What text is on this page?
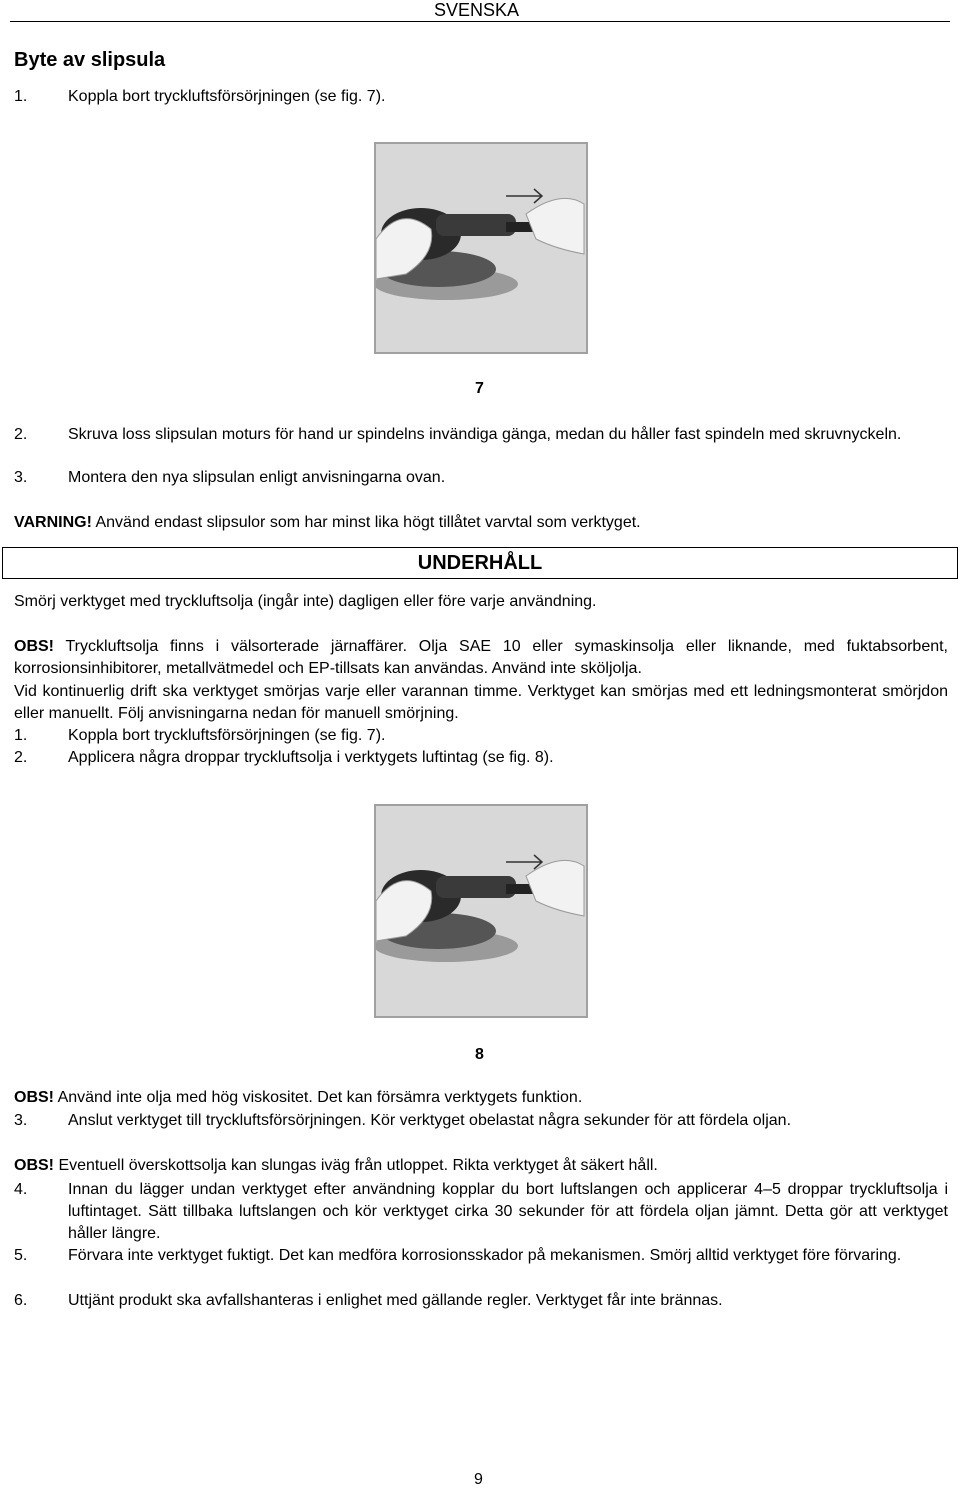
SVENSKA
Byte av slipsula
1.	Koppla bort tryckluftsförsörjningen (se fig. 7).
7
2.	Skruva loss slipsulan moturs för hand ur spindelns invändiga gänga, medan du håller fast spindeln med skruvnyckeln.
3.	Montera den nya slipsulan enligt anvisningarna ovan.
VARNING! Använd endast slipsulor som har minst lika högt tillåtet varvtal som verktyget.
UNDERHÅLL
Smörj verktyget med tryckluftsolja (ingår inte) dagligen eller före varje användning.
OBS! Tryckluftsolja finns i välsorterade järnaffärer. Olja SAE 10 eller symaskinsolja eller liknande, med fuktabsorbent, korrosionsinhibitorer, metallvätmedel och EP-tillsats kan användas. Använd inte sköljolja.
Vid kontinuerlig drift ska verktyget smörjas varje eller varannan timme. Verktyget kan smörjas med ett ledningsmonterat smörjdon eller manuellt. Följ anvisningarna nedan för manuell smörjning.
1.	Koppla bort tryckluftsförsörjningen (se fig. 7).
2.	Applicera några droppar tryckluftsolja i verktygets luftintag (se fig. 8).
8
OBS! Använd inte olja med hög viskositet. Det kan försämra verktygets funktion.
3.	Anslut verktyget till tryckluftsförsörjningen. Kör verktyget obelastat några sekunder för att fördela oljan.
OBS! Eventuell överskottsolja kan slungas iväg från utloppet. Rikta verktyget åt säkert håll.
4.	Innan du lägger undan verktyget efter användning kopplar du bort luftslangen och applicerar 4–5 droppar tryckluftsolja i luftintaget. Sätt tillbaka luftslangen och kör verktyget cirka 30 sekunder för att fördela oljan jämnt. Detta gör att verktyget håller längre.
5.	Förvara inte verktyget fuktigt. Det kan medföra korrosionsskador på mekanismen. Smörj alltid verktyget före förvaring.
6.	Uttjänt produkt ska avfallshanteras i enlighet med gällande regler. Verktyget får inte brännas.
9
